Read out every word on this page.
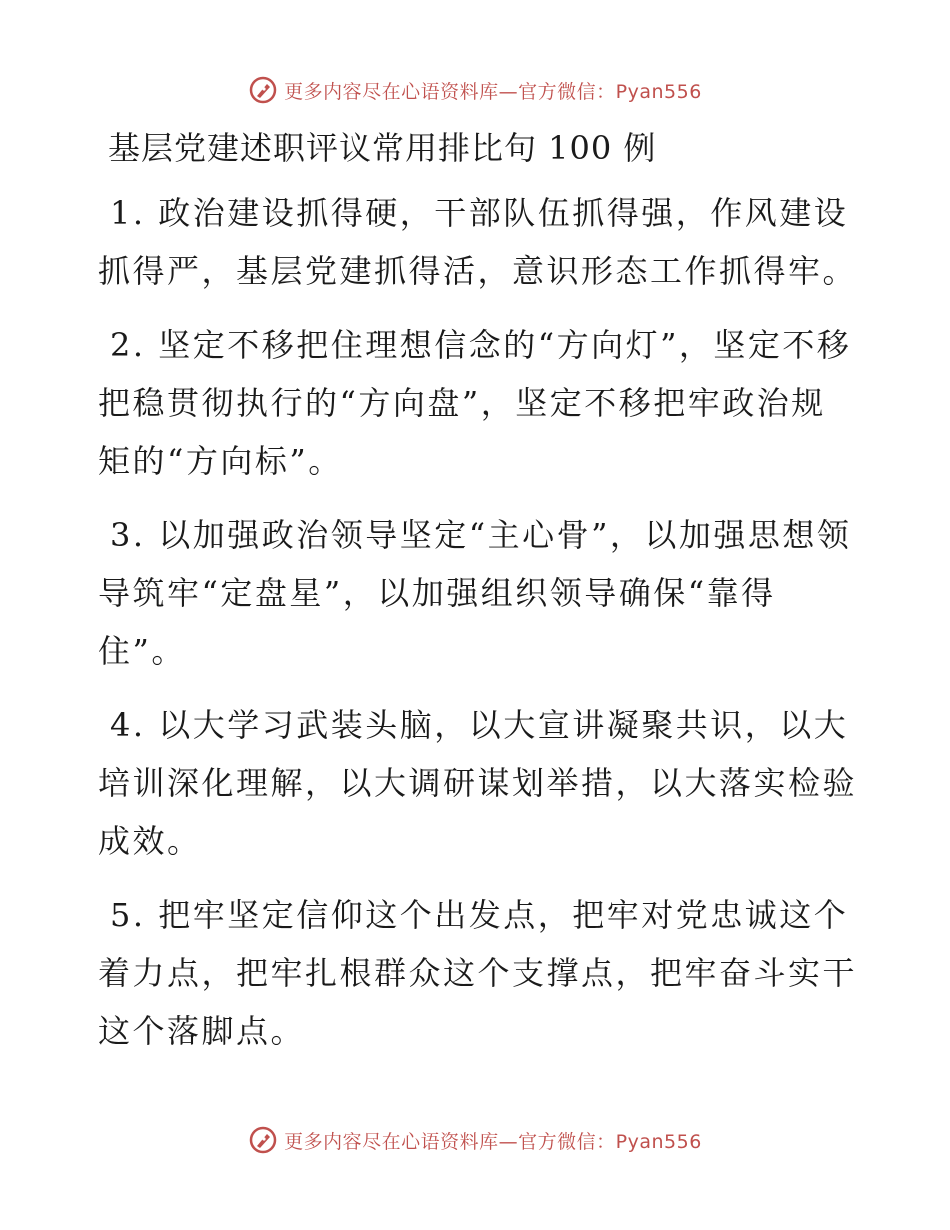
更多内容尽在心语资料库—官方微信：Pyan556
基层党建述职评议常用排比句 100 例

1. 政治建设抓得硬，干部队伍抓得强，作风建设抓得严，基层党建抓得活，意识形态工作抓得牢。

2. 坚定不移把住理想信念的“方向灯”，坚定不移把稳贯彻执行的“方向盘”，坚定不移把牢政治规矩的“方向标”。

3. 以加强政治领导坚定“主心骨”，以加强思想领导筑牢“定盘星”，以加强组织领导确保“靠得住”。

4. 以大学习武装头脑，以大宣讲凝聚共识，以大培训深化理解，以大调研谋划举措，以大落实检验成效。

5. 把牢坚定信仰这个出发点，把牢对党忠诚这个着力点，把牢扎根群众这个支撑点，把牢奋斗实干这个落脚点。

更多内容尽在心语资料库—官方微信：Pyan556
